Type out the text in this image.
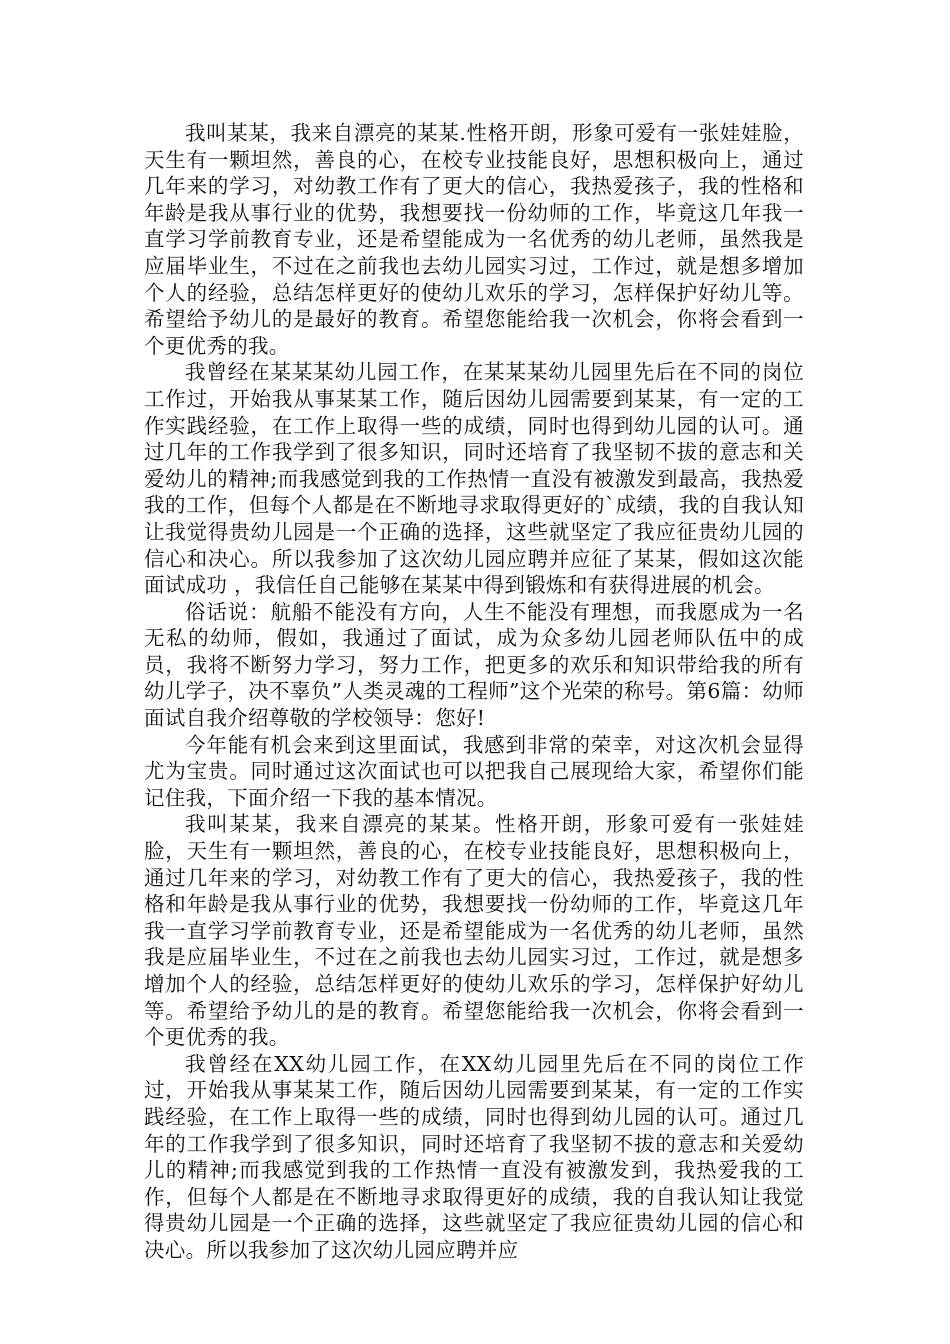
我叫某某，我来自漂亮的某某.性格开朗，形象可爱有一张娃娃脸，天生有一颗坦然，善良的心，在校专业技能良好，思想积极向上，通过几年来的学习，对幼教工作有了更大的信心，我热爱孩子，我的性格和年龄是我从事行业的优势，我想要找一份幼师的工作，毕竟这几年我一直学习学前教育专业，还是希望能成为一名优秀的幼儿老师，虽然我是应届毕业生，不过在之前我也去幼儿园实习过，工作过，就是想多增加个人的经验，总结怎样更好的使幼儿欢乐的学习，怎样保护好幼儿等。希望给予幼儿的是最好的教育。希望您能给我一次机会，你将会看到一个更优秀的我。

我曾经在某某某幼儿园工作，在某某某幼儿园里先后在不同的岗位工作过，开始我从事某某工作，随后因幼儿园需要到某某，有一定的工作实践经验，在工作上取得一些的成绩，同时也得到幼儿园的认可。通过几年的工作我学到了很多知识，同时还培育了我坚韧不拔的意志和关爱幼儿的精神;而我感觉到我的工作热情一直没有被激发到最高，我热爱我的工作，但每个人都是在不断地寻求取得更好的`成绩，我的自我认知让我觉得贵幼儿园是一个正确的选择，这些就坚定了我应征贵幼儿园的信心和决心。所以我参加了这次幼儿园应聘并应征了某某，假如这次能面试成功 ，我信任自己能够在某某中得到锻炼和有获得进展的机会。

俗话说：航船不能没有方向，人生不能没有理想，而我愿成为一名无私的幼师，假如，我通过了面试，成为众多幼儿园老师队伍中的成员，我将不断努力学习，努力工作，把更多的欢乐和知识带给我的所有幼儿学子，决不辜负”人类灵魂的工程师”这个光荣的称号。第6篇：幼师面试自我介绍尊敬的学校领导：您好!

今年能有机会来到这里面试，我感到非常的荣幸，对这次机会显得尤为宝贵。同时通过这次面试也可以把我自己展现给大家，希望你们能记住我，下面介绍一下我的基本情况。

我叫某某，我来自漂亮的某某。性格开朗，形象可爱有一张娃娃脸，天生有一颗坦然，善良的心，在校专业技能良好，思想积极向上，通过几年来的学习，对幼教工作有了更大的信心，我热爱孩子，我的性格和年龄是我从事行业的优势，我想要找一份幼师的工作，毕竟这几年我一直学习学前教育专业，还是希望能成为一名优秀的幼儿老师，虽然我是应届毕业生，不过在之前我也去幼儿园实习过，工作过，就是想多增加个人的经验，总结怎样更好的使幼儿欢乐的学习，怎样保护好幼儿等。希望给予幼儿的是的教育。希望您能给我一次机会，你将会看到一个更优秀的我。

我曾经在XX幼儿园工作，在XX幼儿园里先后在不同的岗位工作过，开始我从事某某工作，随后因幼儿园需要到某某，有一定的工作实践经验，在工作上取得一些的成绩，同时也得到幼儿园的认可。通过几年的工作我学到了很多知识，同时还培育了我坚韧不拔的意志和关爱幼儿的精神;而我感觉到我的工作热情一直没有被激发到，我热爱我的工作，但每个人都是在不断地寻求取得更好的成绩，我的自我认知让我觉得贵幼儿园是一个正确的选择，这些就坚定了我应征贵幼儿园的信心和决心。所以我参加了这次幼儿园应聘并应
